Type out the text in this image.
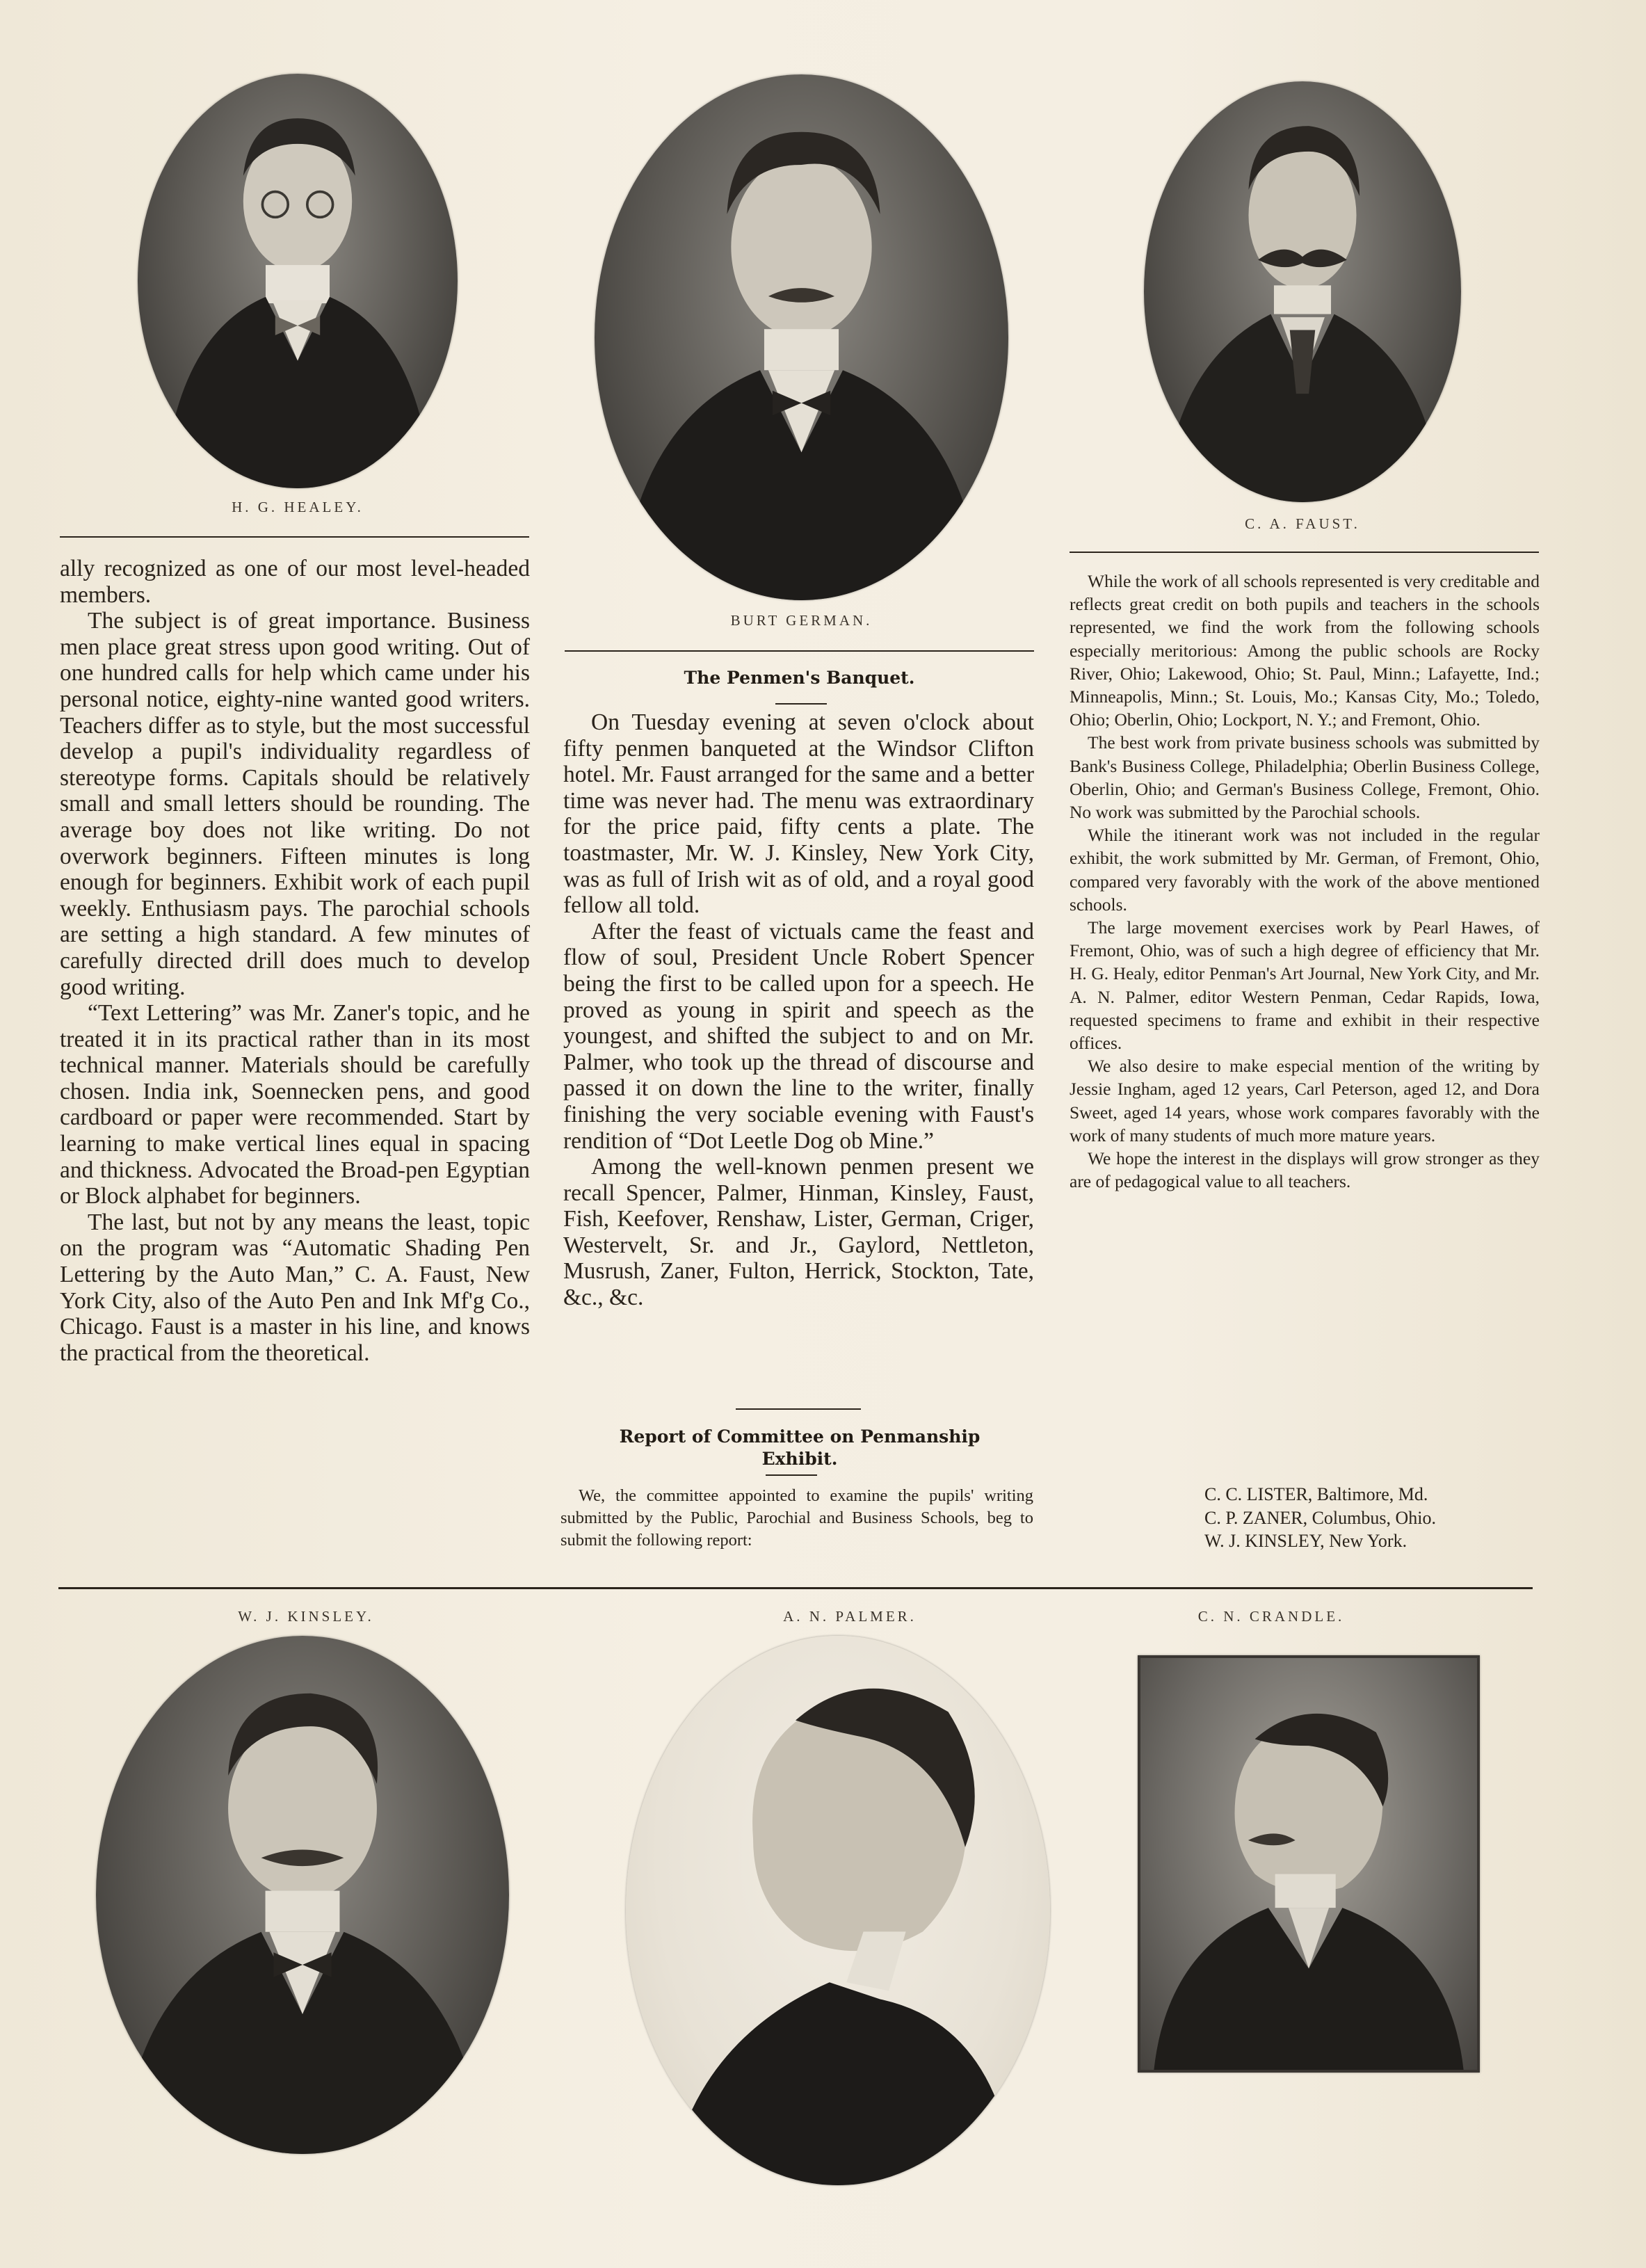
H. G. HEALEY.
BURT GERMAN.
C. A. FAUST.

ally recognized as one of our most level-headed members.

The subject is of great importance. Business men place great stress upon good writing. Out of one hundred calls for help which came under his personal notice, eighty-nine wanted good writers. Teachers differ as to style, but the most successful develop a pupil's individuality regardless of stereotype forms. Capitals should be relatively small and small letters should be rounding. The average boy does not like writing. Do not overwork beginners. Fifteen minutes is long enough for beginners. Exhibit work of each pupil weekly. Enthusiasm pays. The parochial schools are setting a high standard. A few minutes of carefully directed drill does much to develop good writing.

“Text Lettering” was Mr. Zaner's topic, and he treated it in its practical rather than in its most technical manner. Materials should be carefully chosen. India ink, Soennecken pens, and good cardboard or paper were recommended. Start by learning to make vertical lines equal in spacing and thickness. Advocated the Broad-pen Egyptian or Block alphabet for beginners.

The last, but not by any means the least, topic on the program was “Automatic Shading Pen Lettering by the Auto Man,” C. A. Faust, New York City, also of the Auto Pen and Ink Mf'g Co., Chicago. Faust is a master in his line, and knows the practical from the theoretical.

The Penmen's Banquet.

On Tuesday evening at seven o'clock about fifty penmen banqueted at the Windsor Clifton hotel. Mr. Faust arranged for the same and a better time was never had. The menu was extraordinary for the price paid, fifty cents a plate. The toastmaster, Mr. W. J. Kinsley, New York City, was as full of Irish wit as of old, and a royal good fellow all told.

After the feast of victuals came the feast and flow of soul, President Uncle Robert Spencer being the first to be called upon for a speech. He proved as young in spirit and speech as the youngest, and shifted the subject to and on Mr. Palmer, who took up the thread of discourse and passed it on down the line to the writer, finally finishing the very sociable evening with Faust's rendition of “Dot Leetle Dog ob Mine.”

Among the well-known penmen present we recall Spencer, Palmer, Hinman, Kinsley, Faust, Fish, Keefover, Renshaw, Lister, German, Criger, Westervelt, Sr. and Jr., Gaylord, Nettleton, Musrush, Zaner, Fulton, Herrick, Stockton, Tate, &c., &c.

Report of Committee on Penmanship Exhibit.

We, the committee appointed to examine the pupils' writing submitted by the Public, Parochial and Business Schools, beg to submit the following report:

While the work of all schools represented is very creditable and reflects great credit on both pupils and teachers in the schools represented, we find the work from the following schools especially meritorious: Among the public schools are Rocky River, Ohio; Lakewood, Ohio; St. Paul, Minn.; Lafayette, Ind.; Minneapolis, Minn.; St. Louis, Mo.; Kansas City, Mo.; Toledo, Ohio; Oberlin, Ohio; Lockport, N. Y.; and Fremont, Ohio.

The best work from private business schools was submitted by Bank's Business College, Philadelphia; Oberlin Business College, Oberlin, Ohio; and German's Business College, Fremont, Ohio. No work was submitted by the Parochial schools.

While the itinerant work was not included in the regular exhibit, the work submitted by Mr. German, of Fremont, Ohio, compared very favorably with the work of the above mentioned schools.

The large movement exercises work by Pearl Hawes, of Fremont, Ohio, was of such a high degree of efficiency that Mr. H. G. Healy, editor Penman's Art Journal, New York City, and Mr. A. N. Palmer, editor Western Penman, Cedar Rapids, Iowa, requested specimens to frame and exhibit in their respective offices.

We also desire to make especial mention of the writing by Jessie Ingham, aged 12 years, Carl Peterson, aged 12, and Dora Sweet, aged 14 years, whose work compares favorably with the work of many students of much more mature years.

We hope the interest in the displays will grow stronger as they are of pedagogical value to all teachers.

C. C. LISTER, Baltimore, Md.
C. P. ZANER, Columbus, Ohio.
W. J. KINSLEY, New York.
W. J. KINSLEY.	A. N. PALMER.	C. N. CRANDLE.
